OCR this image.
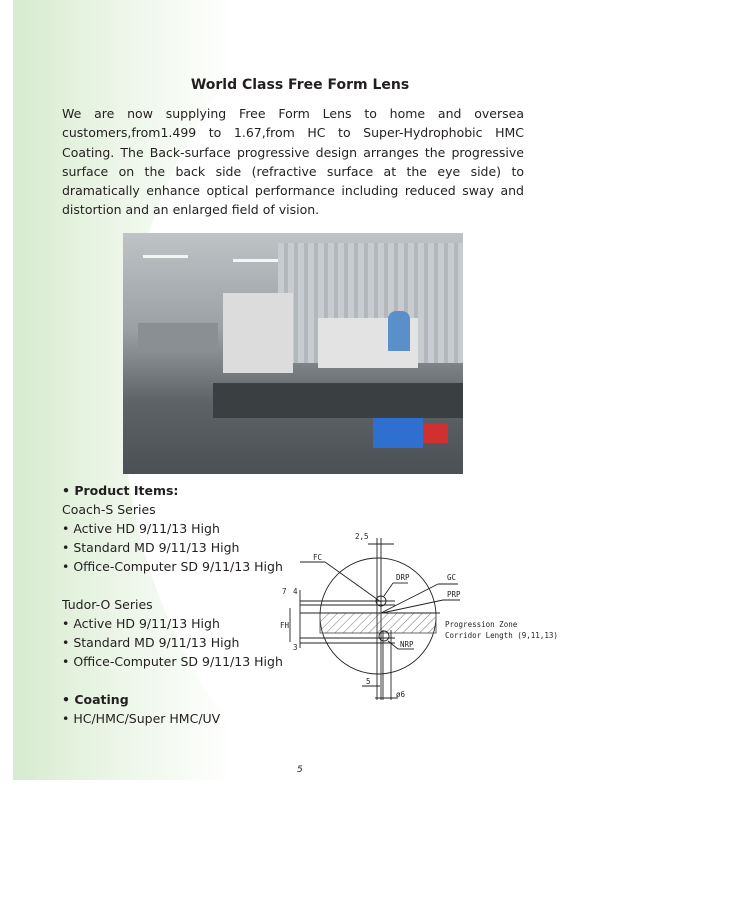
World Class Free Form Lens
We are now supplying Free Form Lens to home and oversea customers,from1.499 to 1.67,from HC to Super-Hydrophobic HMC Coating. The Back-surface progressive design arranges the progressive surface on the back side (refractive surface at the eye side) to dramatically enhance optical performance including reduced sway and distortion and an enlarged field of vision.
• Product Items:
Coach-S Series
• Active HD 9/11/13 High
• Standard MD 9/11/13 High
• Office-Computer SD 9/11/13 High
Tudor-O Series
• Active HD 9/11/13 High
• Standard MD 9/11/13 High
• Office-Computer SD 9/11/13 High
• Coating
• HC/HMC/Super HMC/UV
2,5
FC
DRP	GC
PRP
NRP
7 4
FH
3
5
ø6
Progression Zone
Corridor Length (9,11,13)
5
